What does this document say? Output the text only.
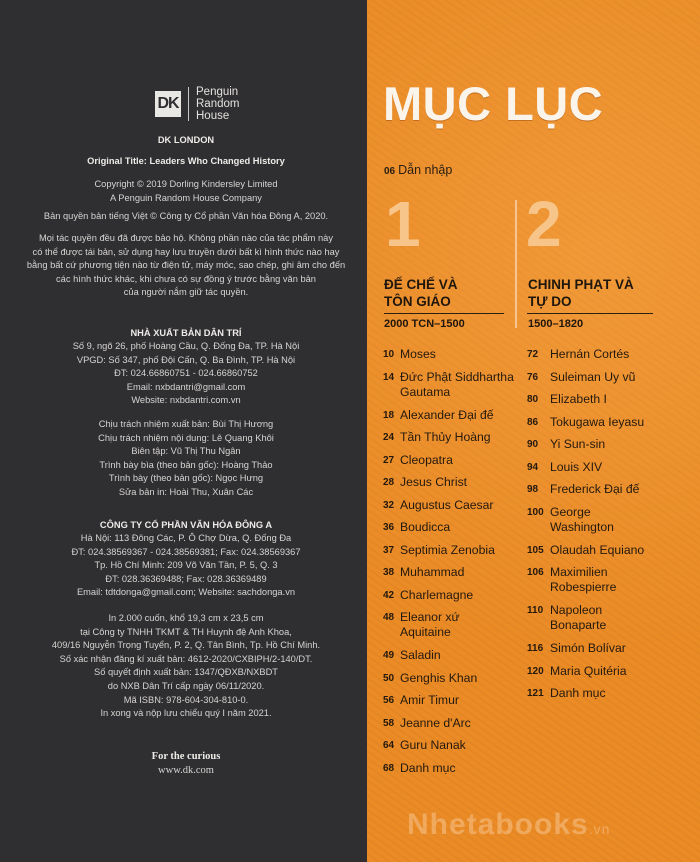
DK
Penguin
Random
House
DK LONDON
Original Title: Leaders Who Changed History

Copyright © 2019 Dorling Kindersley Limited

A Penguin Random House Company

Bản quyền bản tiếng Việt © Công ty Cổ phần Văn hóa Đông A, 2020.

Mọi tác quyền đều đã được bảo hộ. Không phần nào của tác phẩm này

có thể được tái bản, sử dụng hay lưu truyền dưới bất kì hình thức nào hay

bằng bất cứ phương tiện nào từ điện tử, máy móc, sao chép, ghi âm cho đến

các hình thức khác, khi chưa có sự đồng ý trước bằng văn bản

của người nắm giữ tác quyền.

NHÀ XUẤT BẢN DÂN TRÍ

Số 9, ngõ 26, phố Hoàng Cầu, Q. Đống Đa, TP. Hà Nội

VPGD: Số 347, phố Đội Cấn, Q. Ba Đình, TP. Hà Nội

ĐT: 024.66860751 - 024.66860752

Email: nxbdantri@gmail.com

Website: nxbdantri.com.vn

Chịu trách nhiệm xuất bản: Bùi Thị Hương

Chịu trách nhiệm nội dung: Lê Quang Khôi

Biên tập: Vũ Thị Thu Ngân

Trình bày bìa (theo bản gốc): Hoàng Thảo

Trình bày (theo bản gốc): Ngọc Hưng

Sửa bản in: Hoài Thu, Xuân Các

CÔNG TY CỔ PHẦN VĂN HÓA ĐÔNG A

Hà Nội: 113 Đông Các, P. Ô Chợ Dừa, Q. Đống Đa

ĐT: 024.38569367 - 024.38569381; Fax: 024.38569367

Tp. Hồ Chí Minh: 209 Võ Văn Tần, P. 5, Q. 3

ĐT: 028.36369488; Fax: 028.36369489

Email: tdtdonga@gmail.com; Website: sachdonga.vn

In 2.000 cuốn, khổ 19,3 cm x 23,5 cm

tại Công ty TNHH TKMT & TH Huynh đệ Anh Khoa,

409/16 Nguyễn Trọng Tuyển, P. 2, Q. Tân Bình, Tp. Hồ Chí Minh.

Số xác nhận đăng kí xuất bản: 4612-2020/CXBIPH/2-140/DT.

Số quyết định xuất bản: 1347/QĐXB/NXBDT

do NXB Dân Trí cấp ngày 06/11/2020.

Mã ISBN: 978-604-304-810-0.

In xong và nộp lưu chiểu quý I năm 2021.

For the curious
www.dk.com
Nhetabooks.vn
MỤC LỤC
06 Dẫn nhập
1 2
ĐẾ CHẾ VÀ
TÔN GIÁO
CHINH PHẠT VÀ
TỰ DO
2000 TCN–1500	1500–1820
10 Moses
14 Đức Phật Siddhartha
Gautama
18 Alexander Đại đế
24 Tần Thủy Hoàng
27 Cleopatra
28 Jesus Christ
32 Augustus Caesar
36 Boudicca
37 Septimia Zenobia
38 Muhammad
42 Charlemagne
48 Eleanor xứ
Aquitaine
49 Saladin
50 Genghis Khan
56 Amir Timur
58 Jeanne d'Arc
64 Guru Nanak
68 Danh mục
72 Hernán Cortés
76 Suleiman Uy vũ
80 Elizabeth I
86 Tokugawa Ieyasu
90 Yi Sun-sin
94 Louis XIV
98 Frederick Đại đế
100 George
Washington
105 Olaudah Equiano
106 Maximilien
Robespierre
110 Napoleon
Bonaparte
116 Simón Bolívar
120 Maria Quitéria
121 Danh mục
